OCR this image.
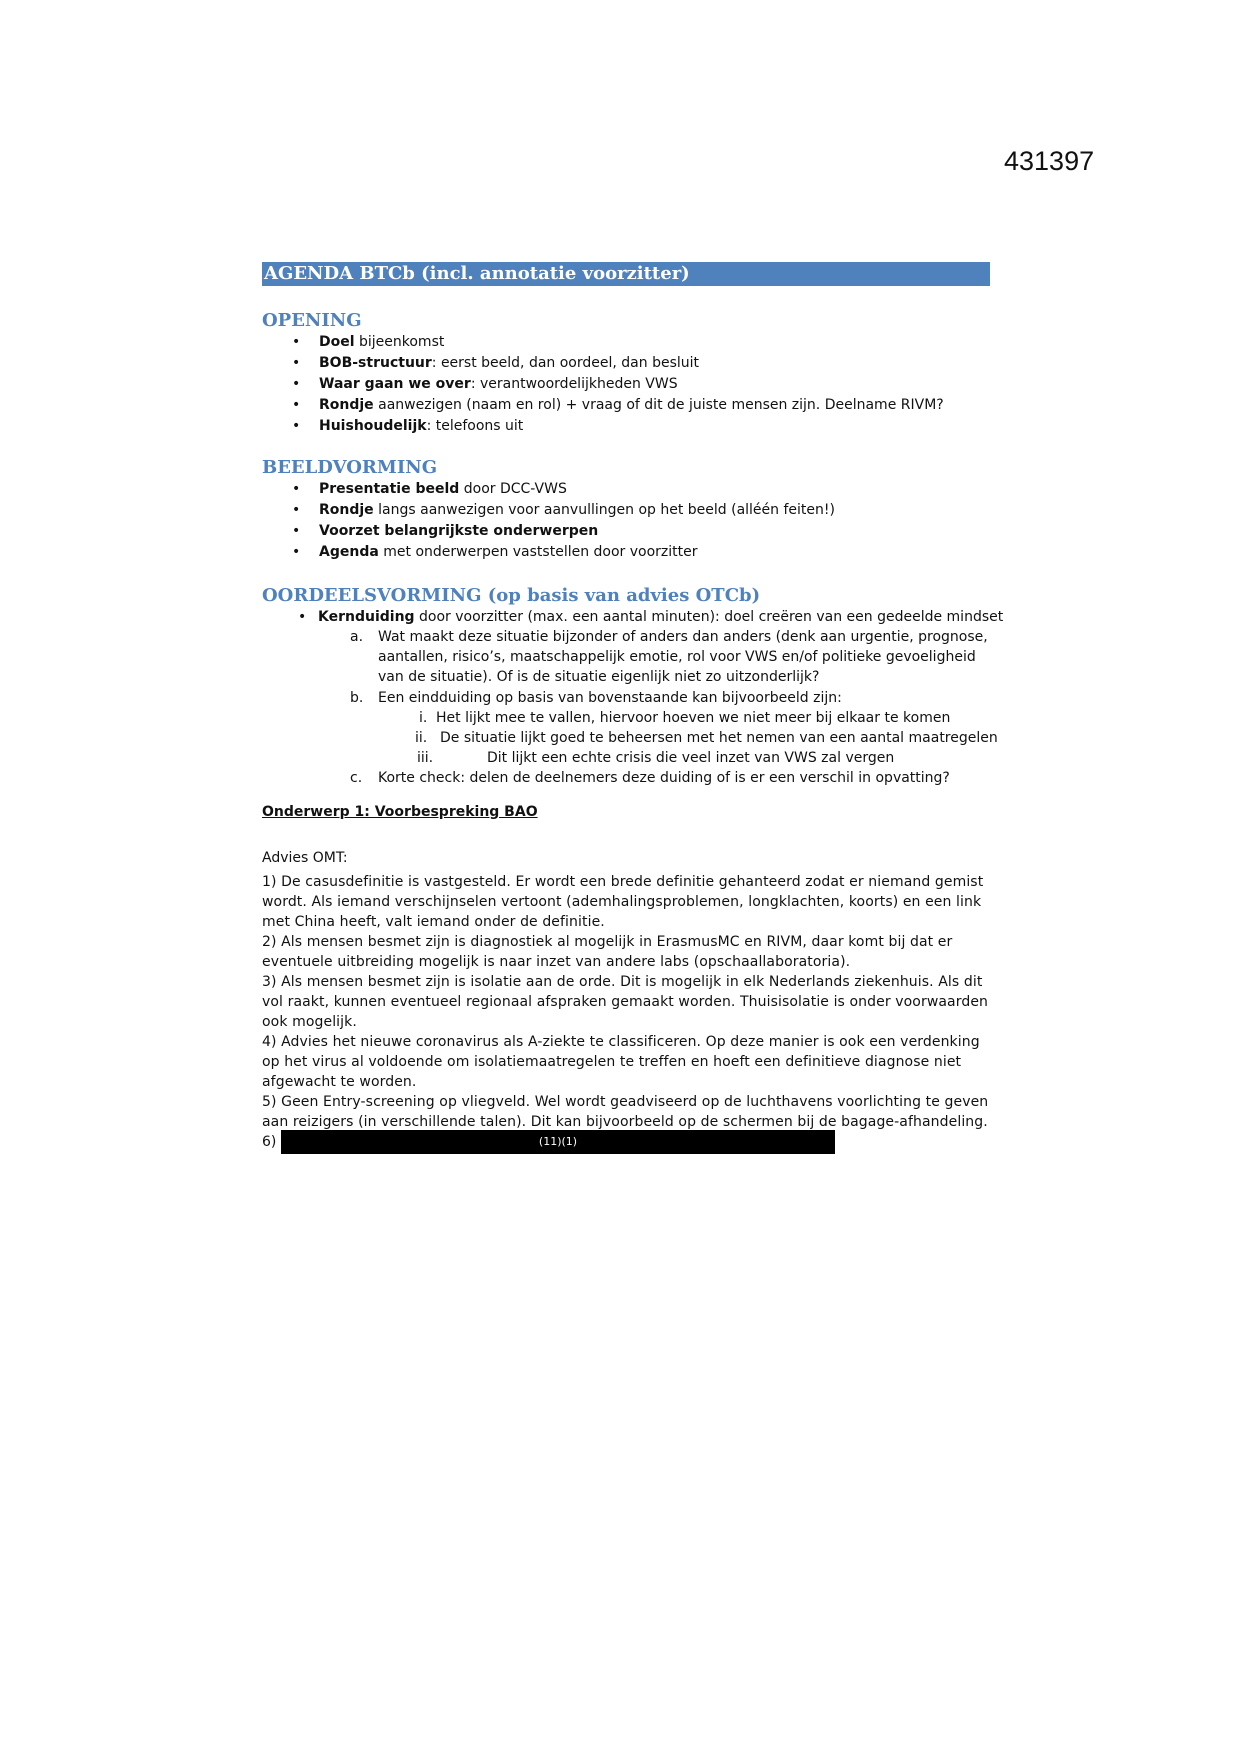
431397
AGENDA BTCb (incl. annotatie voorzitter)
OPENING
• Doel bijeenkomst
• BOB-structuur: eerst beeld, dan oordeel, dan besluit
• Waar gaan we over: verantwoordelijkheden VWS
• Rondje aanwezigen (naam en rol) + vraag of dit de juiste mensen zijn. Deelname RIVM?
• Huishoudelijk: telefoons uit
BEELDVORMING
• Presentatie beeld door DCC-VWS
• Rondje langs aanwezigen voor aanvullingen op het beeld (alléén feiten!)
• Voorzet belangrijkste onderwerpen
• Agenda met onderwerpen vaststellen door voorzitter
OORDEELSVORMING (op basis van advies OTCb)
• Kernduiding door voorzitter (max. een aantal minuten): doel creëren van een gedeelde mindset
a. Wat maakt deze situatie bijzonder of anders dan anders (denk aan urgentie, prognose, aantallen, risico’s, maatschappelijk emotie, rol voor VWS en/of politieke gevoeligheid van de situatie). Of is de situatie eigenlijk niet zo uitzonderlijk?
b. Een eindduiding op basis van bovenstaande kan bijvoorbeeld zijn:
i. Het lijkt mee te vallen, hiervoor hoeven we niet meer bij elkaar te komen
ii. De situatie lijkt goed te beheersen met het nemen van een aantal maatregelen
iii.	Dit lijkt een echte crisis die veel inzet van VWS zal vergen
c. Korte check: delen de deelnemers deze duiding of is er een verschil in opvatting?
Onderwerp 1: Voorbespreking BAO
Advies OMT:
1) De casusdefinitie is vastgesteld. Er wordt een brede definitie gehanteerd zodat er niemand gemist wordt. Als iemand verschijnselen vertoont (ademhalingsproblemen, longklachten, koorts) en een link met China heeft, valt iemand onder de definitie.
2) Als mensen besmet zijn is diagnostiek al mogelijk in ErasmusMC en RIVM, daar komt bij dat er eventuele uitbreiding mogelijk is naar inzet van andere labs (opschaallaboratoria).
3) Als mensen besmet zijn is isolatie aan de orde. Dit is mogelijk in elk Nederlands ziekenhuis. Als dit vol raakt, kunnen eventueel regionaal afspraken gemaakt worden. Thuisisolatie is onder voorwaarden ook mogelijk.
4) Advies het nieuwe coronavirus als A-ziekte te classificeren. Op deze manier is ook een verdenking op het virus al voldoende om isolatiemaatregelen te treffen en hoeft een definitieve diagnose niet afgewacht te worden.
5) Geen Entry-screening op vliegveld. Wel wordt geadviseerd op de luchthavens voorlichting te geven aan reizigers (in verschillende talen). Dit kan bijvoorbeeld op de schermen bij de bagage-afhandeling.
6)	(11)(1)
